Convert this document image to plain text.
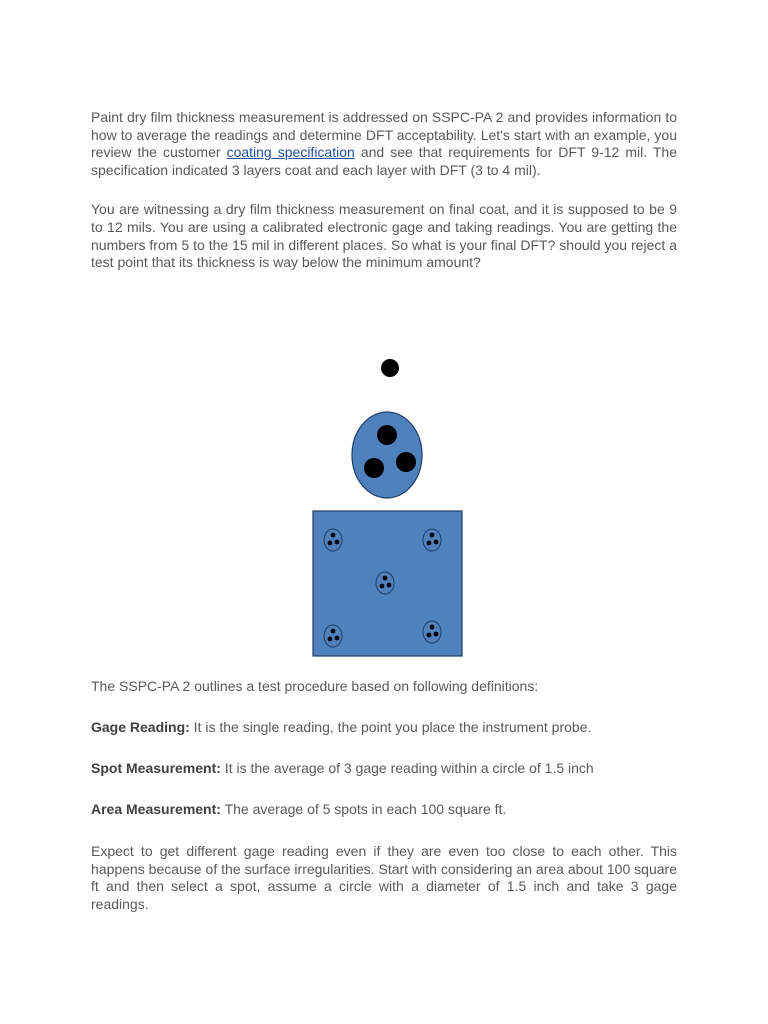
Paint dry film thickness measurement is addressed on SSPC-PA 2 and provides information to how to average the readings and determine DFT acceptability. Let's start with an example, you review the customer coating specification and see that requirements for DFT 9-12 mil. The specification indicated 3 layers coat and each layer with DFT (3 to 4 mil).

You are witnessing a dry film thickness measurement on final coat, and it is supposed to be 9 to 12 mils. You are using a calibrated electronic gage and taking readings. You are getting the numbers from 5 to the 15 mil in different places. So what is your final DFT? should you reject a test point that its thickness is way below the minimum amount?

The SSPC-PA 2 outlines a test procedure based on following definitions:

Gage Reading: It is the single reading, the point you place the instrument probe.

Spot Measurement: It is the average of 3 gage reading within a circle of 1.5 inch

Area Measurement: The average of 5 spots in each 100 square ft.

Expect to get different gage reading even if they are even too close to each other. This happens because of the surface irregularities. Start with considering an area about 100 square ft and then select a spot, assume a circle with a diameter of 1.5 inch and take 3 gage readings.
